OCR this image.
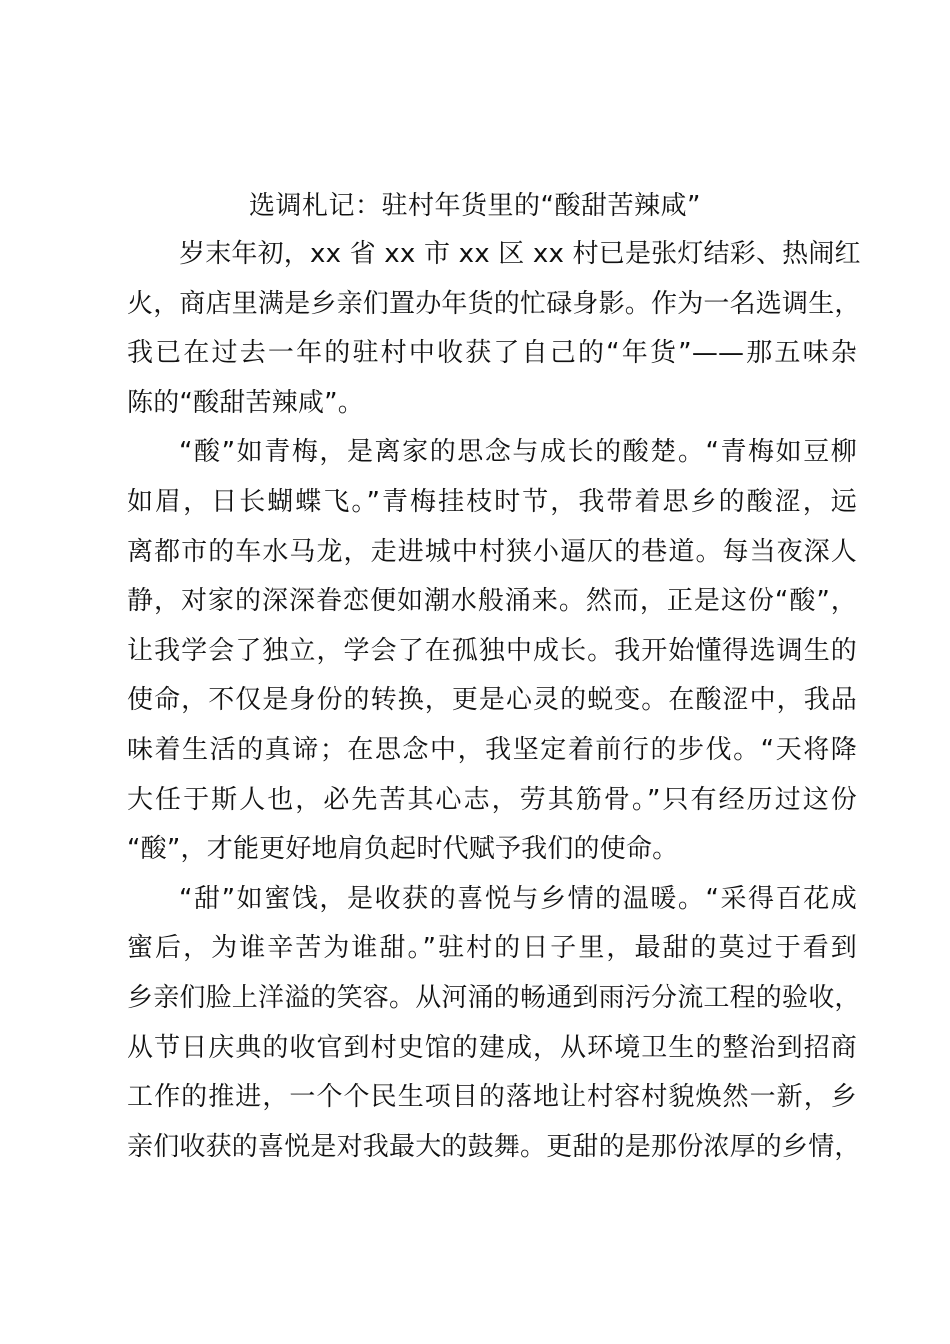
选调札记：驻村年货里的“酸甜苦辣咸”
岁末年初，xx 省 xx 市 xx 区 xx 村已是张灯结彩、热闹红
火，商店里满是乡亲们置办年货的忙碌身影。作为一名选调生，
我已在过去一年的驻村中收获了自己的“年货”——那五味杂
陈的“酸甜苦辣咸”。
“酸”如青梅，是离家的思念与成长的酸楚。“青梅如豆柳
如眉，日长蝴蝶飞。”青梅挂枝时节，我带着思乡的酸涩，远
离都市的车水马龙，走进城中村狭小逼仄的巷道。每当夜深人
静，对家的深深眷恋便如潮水般涌来。然而，正是这份“酸”，
让我学会了独立，学会了在孤独中成长。我开始懂得选调生的
使命，不仅是身份的转换，更是心灵的蜕变。在酸涩中，我品
味着生活的真谛；在思念中，我坚定着前行的步伐。“天将降
大任于斯人也，必先苦其心志，劳其筋骨。”只有经历过这份
“酸”，才能更好地肩负起时代赋予我们的使命。
“甜”如蜜饯，是收获的喜悦与乡情的温暖。“采得百花成
蜜后，为谁辛苦为谁甜。”驻村的日子里，最甜的莫过于看到
乡亲们脸上洋溢的笑容。从河涌的畅通到雨污分流工程的验收，
从节日庆典的收官到村史馆的建成，从环境卫生的整治到招商
工作的推进，一个个民生项目的落地让村容村貌焕然一新，乡
亲们收获的喜悦是对我最大的鼓舞。更甜的是那份浓厚的乡情，
